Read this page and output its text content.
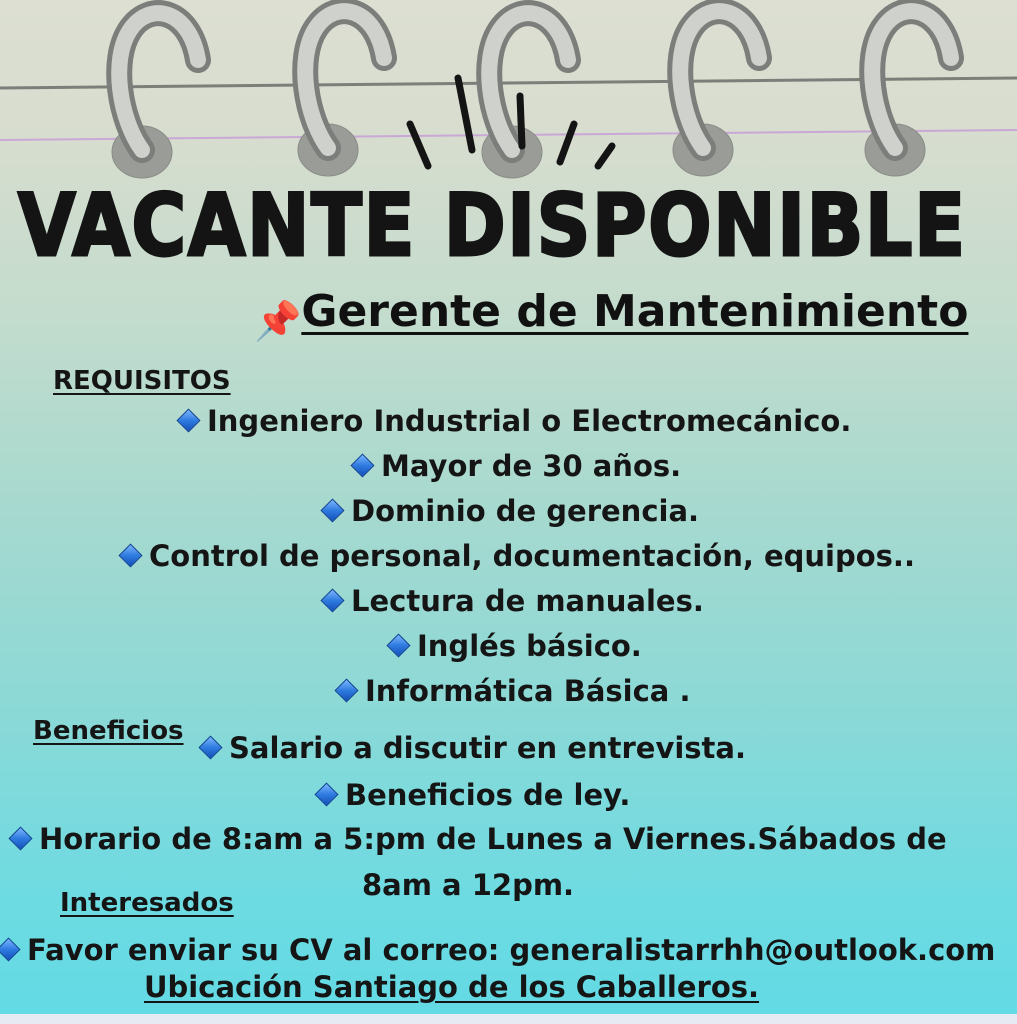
VACANTE DISPONIBLE
📌Gerente de Mantenimiento
REQUISITOS
Ingeniero Industrial o Electromecánico.
Mayor de 30 años.
Dominio de gerencia.
Control de personal, documentación, equipos..
Lectura de manuales.
Inglés básico.
Informática Básica .
Beneficios	Salario a discutir en entrevista.
Beneficios de ley.
Horario de 8:am a 5:pm de Lunes a Viernes.Sábados de
8am a 12pm.
Interesados
Favor enviar su CV al correo: generalistarrhh@outlook.com
Ubicación Santiago de los Caballeros.
